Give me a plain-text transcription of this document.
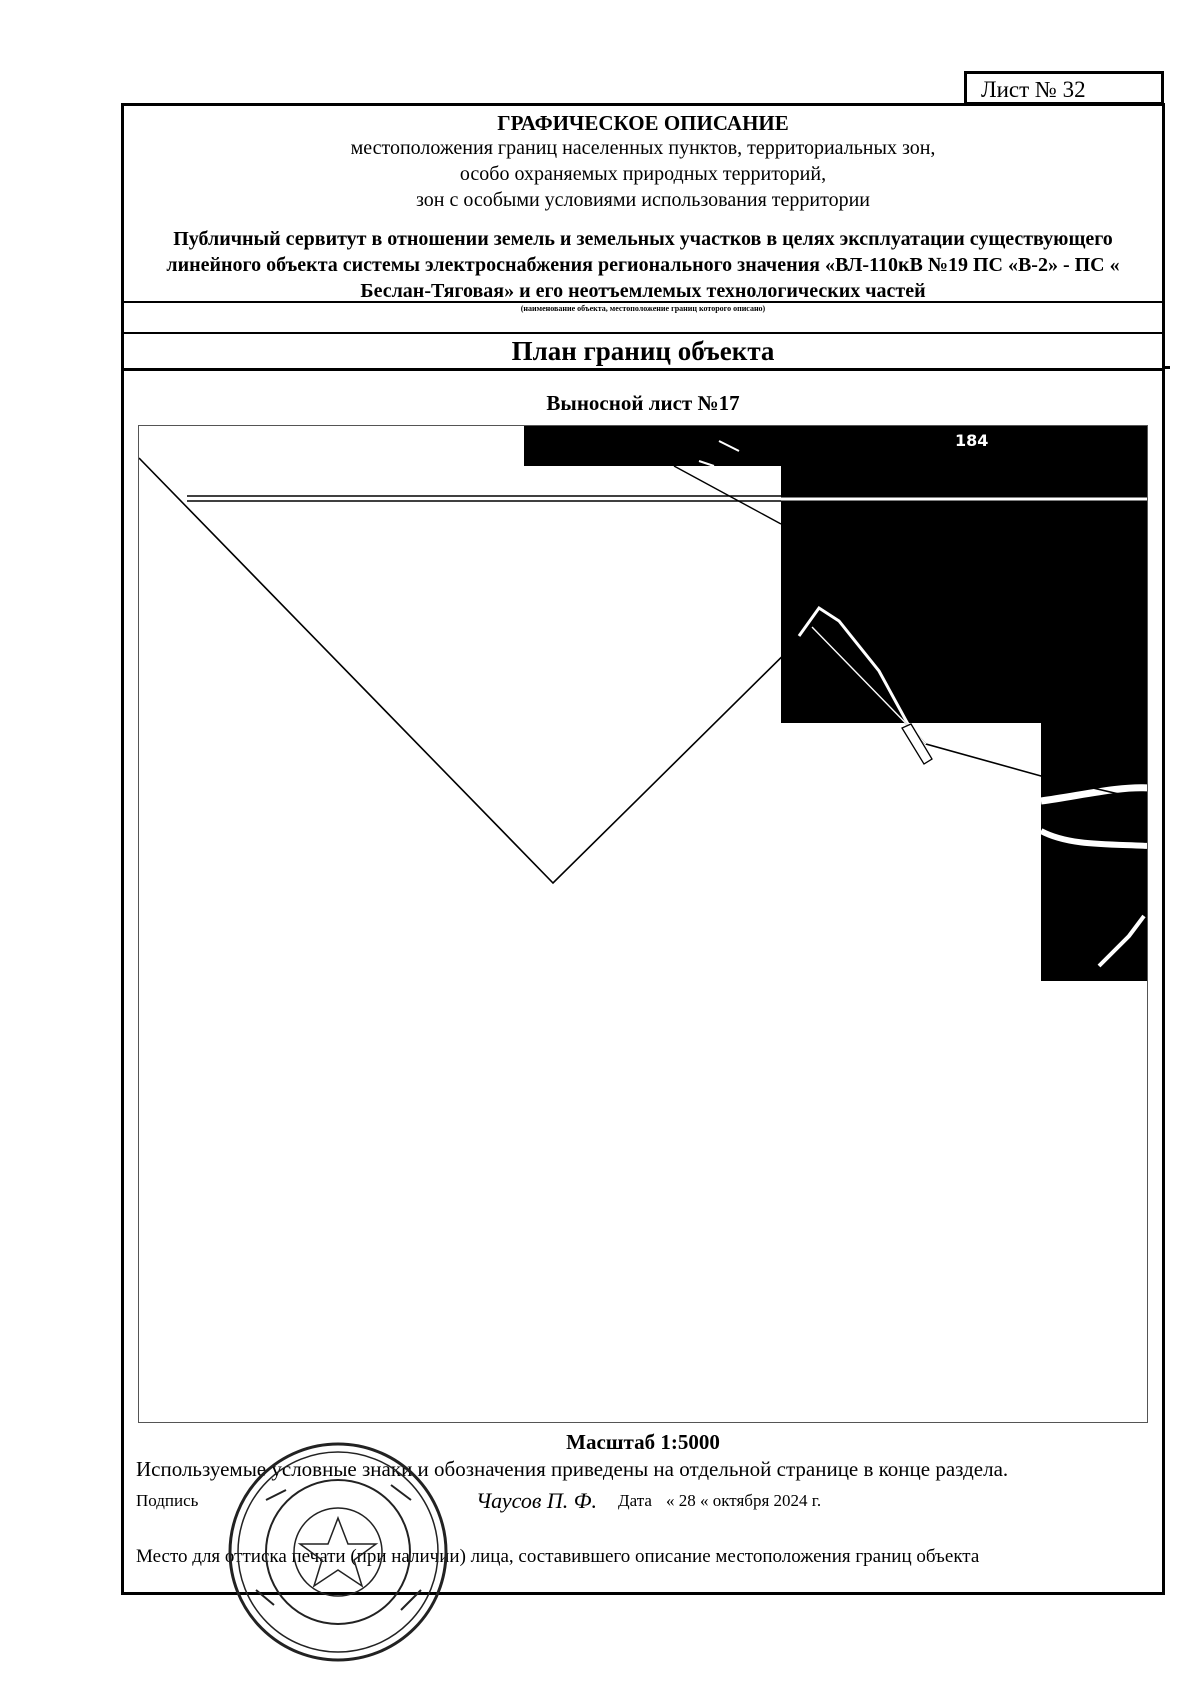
Лист № 32
ГРАФИЧЕСКОЕ ОПИСАНИЕ
местоположения границ населенных пунктов, территориальных зон,
особо охраняемых природных территорий,
зон с особыми условиями использования территории
Публичный сервитут в отношении земель и земельных участков в целях эксплуатации существующего линейного объекта системы электроснабжения регионального значения «ВЛ-110кВ №19 ПС «В-2» - ПС « Беслан-Тяговая» и его неотъемлемых технологических частей
(наименование объекта, местоположение границ которого описано)
План границ объекта
Выносной лист №17
Масштаб 1:5000
Используемые условные знаки и обозначения приведены на отдельной странице в конце раздела.
Подпись	Чаусов П. Ф. Дата « 28 « октября 2024 г.
Место для оттиска печати (при наличии) лица, составившего описание местоположения границ объекта
184
